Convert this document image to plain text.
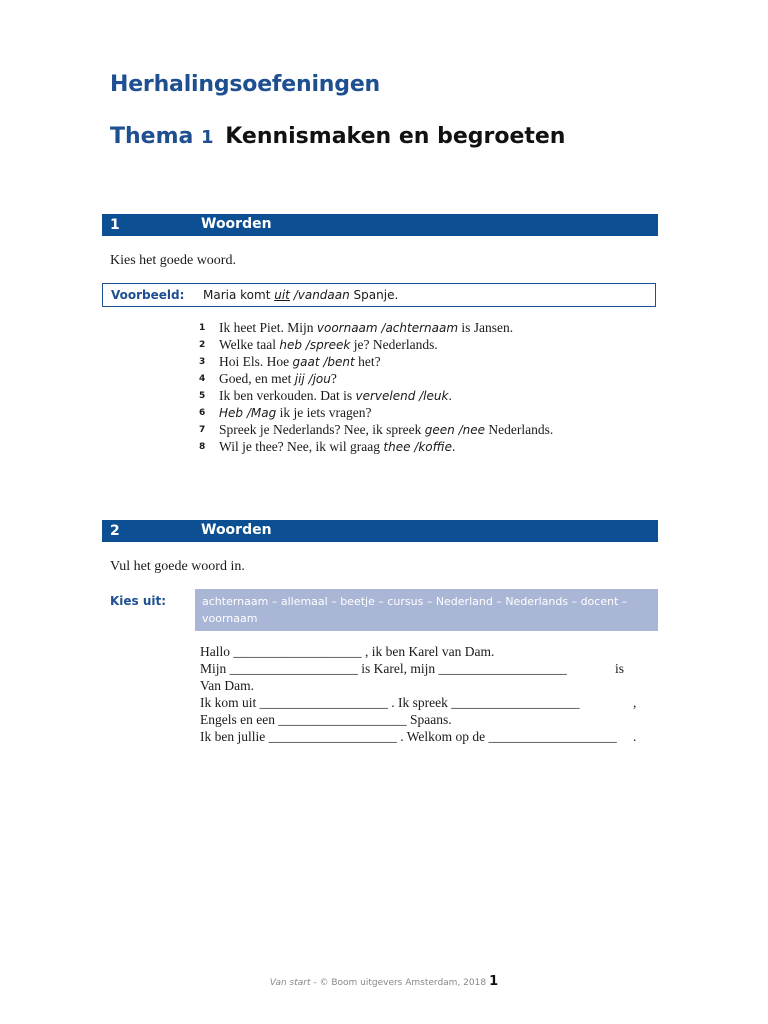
Herhalingsoefeningen
Thema 1 Kennismaken en begroeten
1	Woorden
Kies het goede woord.
Voorbeeld: Maria komt uit /vandaan Spanje.
1 Ik heet Piet. Mijn voornaam /achternaam is Jansen.
2 Welke taal heb /spreek je? Nederlands.
3 Hoi Els. Hoe gaat /bent het?
4 Goed, en met jij /jou?
5 Ik ben verkouden. Dat is vervelend /leuk.
6 Heb /Mag ik je iets vragen?
7 Spreek je Nederlands? Nee, ik spreek geen /nee Nederlands.
8 Wil je thee? Nee, ik wil graag thee /koffie.
2	Woorden
Vul het goede woord in.
Kies uit:	achternaam – allemaal – beetje – cursus – Nederland – Nederlands – docent – voornaam
Hallo ___________________ , ik ben Karel van Dam.
Mijn ___________________ is Karel, mijn ___________________	is
Van Dam.
Ik kom uit ___________________ . Ik spreek ___________________	,
Engels en een ___________________ Spaans.
Ik ben jullie ___________________ . Welkom op de ___________________ .
Van start - © Boom uitgevers Amsterdam, 2018 1
